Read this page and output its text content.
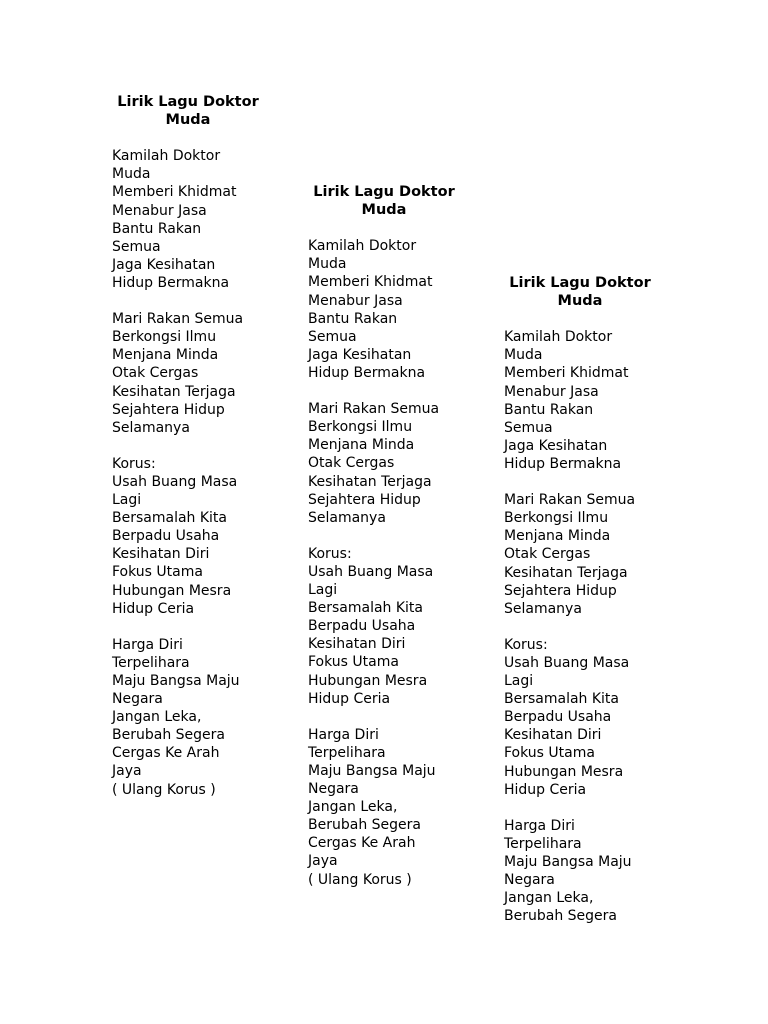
Lirik Lagu Doktor
Muda
Kamilah Doktor
Muda
Memberi Khidmat
Menabur Jasa
Bantu Rakan
Semua
Jaga Kesihatan
Hidup Bermakna
Mari Rakan Semua
Berkongsi Ilmu
Menjana Minda
Otak Cergas
Kesihatan Terjaga
Sejahtera Hidup
Selamanya
Korus:
Usah Buang Masa
Lagi
Bersamalah Kita
Berpadu Usaha
Kesihatan Diri
Fokus Utama
Hubungan Mesra
Hidup Ceria
Harga Diri
Terpelihara
Maju Bangsa Maju
Negara
Jangan Leka,
Berubah Segera
Cergas Ke Arah
Jaya
( Ulang Korus )
Lirik Lagu Doktor
Muda
Kamilah Doktor
Muda
Memberi Khidmat
Menabur Jasa
Bantu Rakan
Semua
Jaga Kesihatan
Hidup Bermakna
Mari Rakan Semua
Berkongsi Ilmu
Menjana Minda
Otak Cergas
Kesihatan Terjaga
Sejahtera Hidup
Selamanya
Korus:
Usah Buang Masa
Lagi
Bersamalah Kita
Berpadu Usaha
Kesihatan Diri
Fokus Utama
Hubungan Mesra
Hidup Ceria
Harga Diri
Terpelihara
Maju Bangsa Maju
Negara
Jangan Leka,
Berubah Segera
Cergas Ke Arah
Jaya
( Ulang Korus )
Lirik Lagu Doktor
Muda
Kamilah Doktor
Muda
Memberi Khidmat
Menabur Jasa
Bantu Rakan
Semua
Jaga Kesihatan
Hidup Bermakna
Mari Rakan Semua
Berkongsi Ilmu
Menjana Minda
Otak Cergas
Kesihatan Terjaga
Sejahtera Hidup
Selamanya
Korus:
Usah Buang Masa
Lagi
Bersamalah Kita
Berpadu Usaha
Kesihatan Diri
Fokus Utama
Hubungan Mesra
Hidup Ceria
Harga Diri
Terpelihara
Maju Bangsa Maju
Negara
Jangan Leka,
Berubah Segera
